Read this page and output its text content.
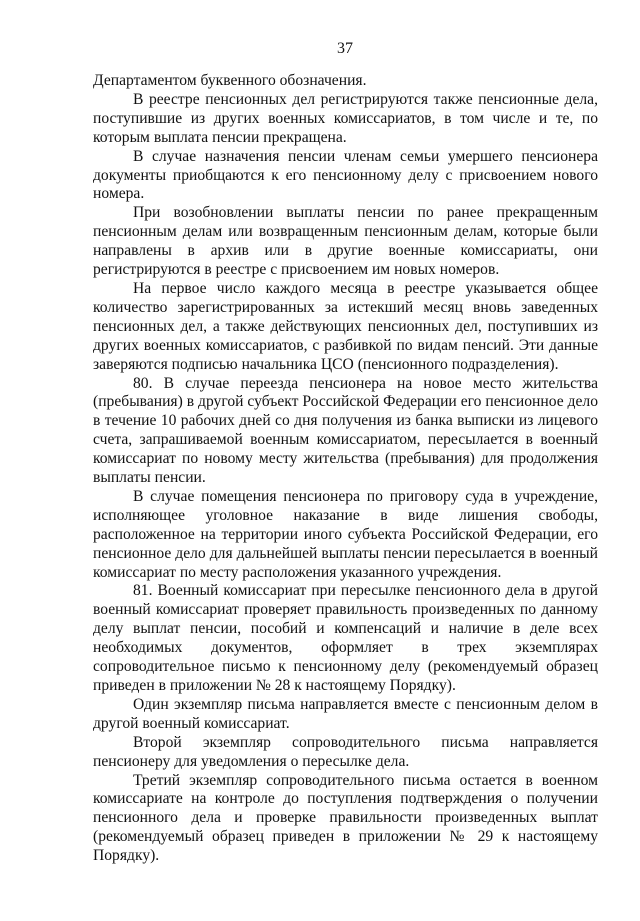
37

Департаментом буквенного обозначения.

В реестре пенсионных дел регистрируются также пенсионные дела, поступившие из других военных комиссариатов, в том числе и те, по которым выплата пенсии прекращена.

В случае назначения пенсии членам семьи умершего пенсионера документы приобщаются к его пенсионному делу с присвоением нового номера.

При возобновлении выплаты пенсии по ранее прекращенным пенсионным делам или возвращенным пенсионным делам, которые были направлены в архив или в другие военные комиссариаты, они регистрируются в реестре с присвоением им новых номеров.

На первое число каждого месяца в реестре указывается общее количество зарегистрированных за истекший месяц вновь заведенных пенсионных дел, а также действующих пенсионных дел, поступивших из других военных комиссариатов, с разбивкой по видам пенсий. Эти данные заверяются подписью начальника ЦСО (пенсионного подразделения).

80. В случае переезда пенсионера на новое место жительства (пребывания) в другой субъект Российской Федерации его пенсионное дело в течение 10 рабочих дней со дня получения из банка выписки из лицевого счета, запрашиваемой военным комиссариатом, пересылается в военный комиссариат по новому месту жительства (пребывания) для продолжения выплаты пенсии.

В случае помещения пенсионера по приговору суда в учреждение, исполняющее уголовное наказание в виде лишения свободы, расположенное на территории иного субъекта Российской Федерации, его пенсионное дело для дальнейшей выплаты пенсии пересылается в военный комиссариат по месту расположения указанного учреждения.

81. Военный комиссариат при пересылке пенсионного дела в другой военный комиссариат проверяет правильность произведенных по данному делу выплат пенсии, пособий и компенсаций и наличие в деле всех необходимых документов, оформляет в трех экземплярах сопроводительное письмо к пенсионному делу (рекомендуемый образец приведен в приложении № 28 к настоящему Порядку).

Один экземпляр письма направляется вместе с пенсионным делом в другой военный комиссариат.

Второй экземпляр сопроводительного письма направляется пенсионеру для уведомления о пересылке дела.

Третий экземпляр сопроводительного письма остается в военном комиссариате на контроле до поступления подтверждения о получении пенсионного дела и проверке правильности произведенных выплат (рекомендуемый образец приведен в приложении № 29 к настоящему Порядку).
